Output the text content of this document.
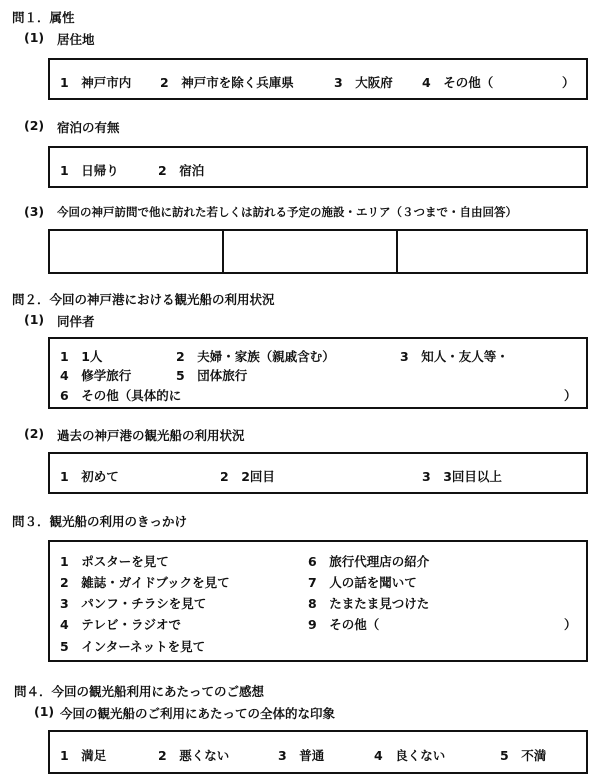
問１．属性
(1) 居住地
1　神戸市内 2　神戸市を除く兵庫県	3　大阪府 4　その他（	）
(2) 宿泊の有無
1　日帰り	2　宿泊
(3) 今回の神戸訪問で他に訪れた若しくは訪れる予定の施設・エリア（３つまで・自由回答）
問２．今回の神戸港における観光船の利用状況
(1) 同伴者
1　1人	2　夫婦・家族（親戚含む）	3　知人・友人等・
4　修学旅行	5　団体旅行
6　その他（具体的に	）
(2) 過去の神戸港の観光船の利用状況
1　初めて	2　2回目	3　3回目以上
問３．観光船の利用のきっかけ
1　ポスターを見て
2　雑誌・ガイドブックを見て
3　パンフ・チラシを見て
4　テレビ・ラジオで
5　インターネットを見て
6　旅行代理店の紹介
7　人の話を聞いて
8　たまたま見つけた
9　その他（	）
問４．今回の観光船利用にあたってのご感想
(1) 今回の観光船のご利用にあたっての全体的な印象
1　満足	2　悪くない	3　普通	4　良くない	5　不満
